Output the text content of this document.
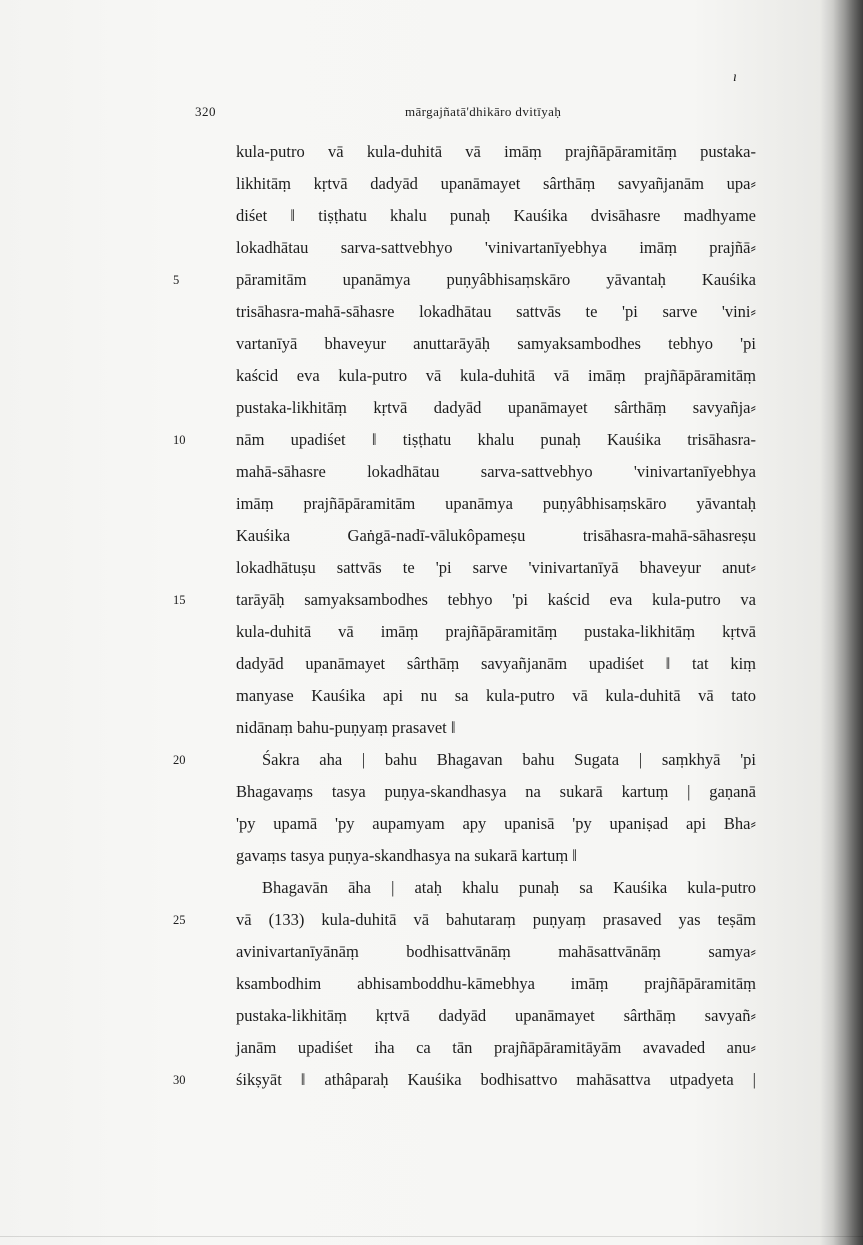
ı
320	mārgajñatā'dhikāro dvitīyaḥ
kula-putro vā kula-duhitā vā imāṃ prajñāpāramitāṃ pustaka-
likhitāṃ kṛtvā dadyād upanāmayet sârthāṃ savyañjanām upa⸗
diśet ‖ tiṣṭhatu khalu punaḥ Kauśika dvisāhasre madhyame
lokadhātau sarva-sattvebhyo 'vinivartanīyebhya imāṃ prajñā⸗
pāramitām upanāmya puṇyâbhisaṃskāro yāvantaḥ Kauśika
trisāhasra-mahā-sāhasre lokadhātau sattvās te 'pi sarve 'vini⸗
vartanīyā bhaveyur anuttarāyāḥ samyaksambodhes tebhyo 'pi
kaścid eva kula-putro vā kula-duhitā vā imāṃ prajñāpāramitāṃ
pustaka-likhitāṃ kṛtvā dadyād upanāmayet sârthāṃ savyañja⸗
nām upadiśet ‖ tiṣṭhatu khalu punaḥ Kauśika trisāhasra-
mahā-sāhasre lokadhātau sarva-sattvebhyo 'vinivartanīyebhya
imāṃ prajñāpāramitām upanāmya puṇyâbhisaṃskāro yāvantaḥ
Kauśika Gaṅgā-nadī-vālukôpameṣu trisāhasra-mahā-sāhasreṣu
lokadhātuṣu sattvās te 'pi sarve 'vinivartanīyā bhaveyur anut⸗
tarāyāḥ samyaksambodhes tebhyo 'pi kaścid eva kula-putro va
kula-duhitā vā imāṃ prajñāpāramitāṃ pustaka-likhitāṃ kṛtvā
dadyād upanāmayet sârthāṃ savyañjanām upadiśet ‖ tat kiṃ
manyase Kauśika api nu sa kula-putro vā kula-duhitā vā tato
nidānaṃ bahu-puṇyaṃ prasavet ‖
Śakra aha | bahu Bhagavan bahu Sugata | saṃkhyā 'pi
Bhagavaṃs tasya puṇya-skandhasya na sukarā kartuṃ | gaṇanā
'py upamā 'py aupamyam apy upanisā 'py upaniṣad api Bha⸗
gavaṃs tasya puṇya-skandhasya na sukarā kartuṃ ‖
Bhagavān āha | ataḥ khalu punaḥ sa Kauśika kula-putro
vā (133) kula-duhitā vā bahutaraṃ puṇyaṃ prasaved yas teṣām
avinivartanīyānāṃ bodhisattvānāṃ mahāsattvānāṃ samya⸗
ksambodhim abhisamboddhu-kāmebhya imāṃ prajñāpāramitāṃ
pustaka-likhitāṃ kṛtvā dadyād upanāmayet sârthāṃ savyañ⸗
janām upadiśet iha ca tān prajñāpāramitāyām avavaded anu⸗
śikṣyāt ‖ athâparaḥ Kauśika bodhisattvo mahāsattva utpadyeta |
5
10
15
20
25
30
